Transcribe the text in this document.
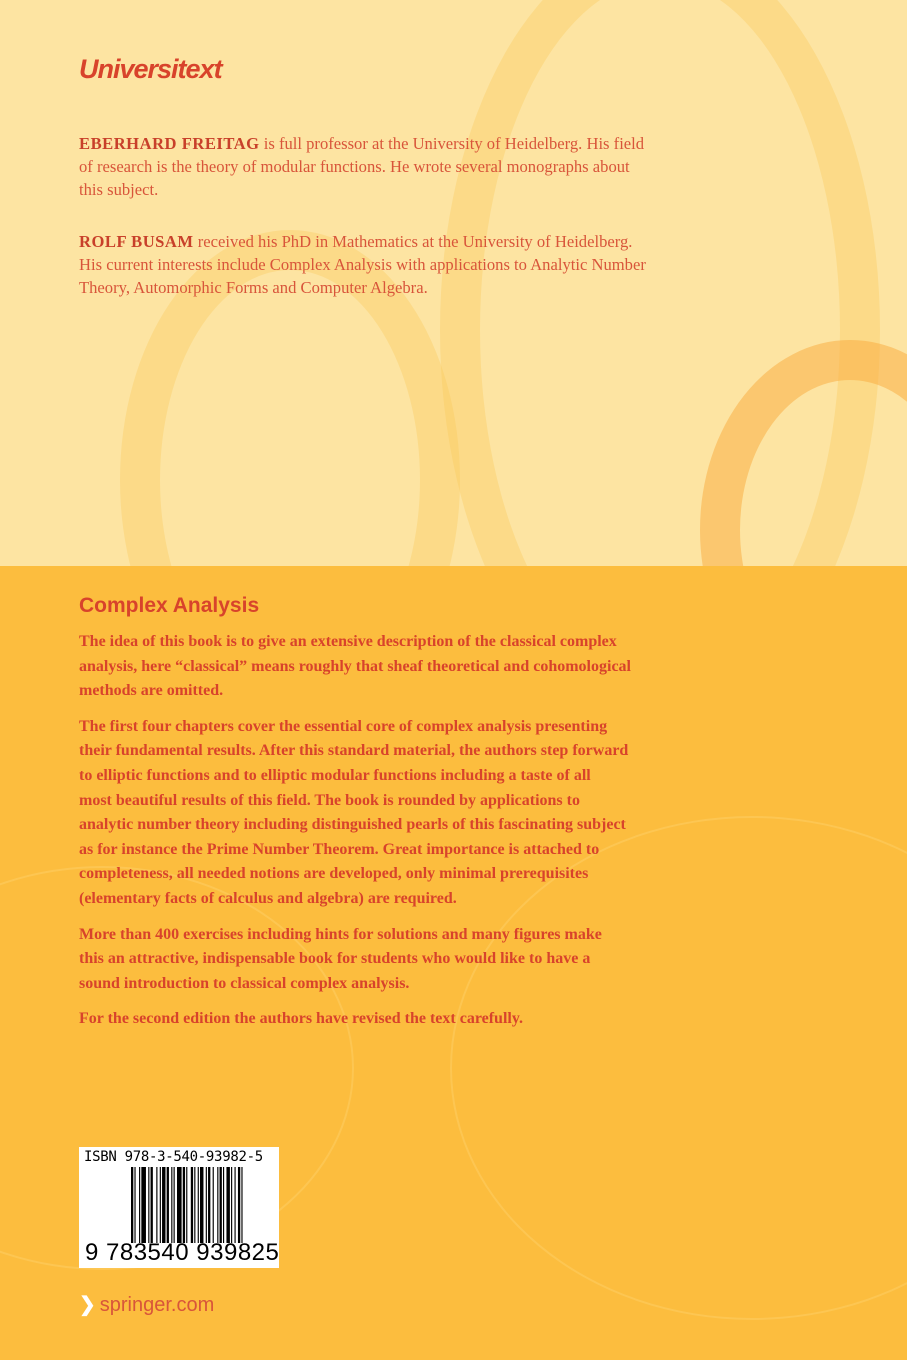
Universitext
EBERHARD FREITAG is full professor at the University of Heidelberg. His field
of research is the theory of modular functions. He wrote several monographs about
this subject.
ROLF BUSAM received his PhD in Mathematics at the University of Heidelberg.
His current interests include Complex Analysis with applications to Analytic Number
Theory, Automorphic Forms and Computer Algebra.
Complex Analysis

The idea of this book is to give an extensive description of the classical complex
analysis, here “classical” means roughly that sheaf theoretical and cohomological
methods are omitted.

The first four chapters cover the essential core of complex analysis presenting
their fundamental results. After this standard material, the authors step forward
to elliptic functions and to elliptic modular functions including a taste of all
most beautiful results of this field. The book is rounded by applications to
analytic number theory including distinguished pearls of this fascinating subject
as for instance the Prime Number Theorem. Great importance is attached to
completeness, all needed notions are developed, only minimal prerequisites
(elementary facts of calculus and algebra) are required.

More than 400 exercises including hints for solutions and many figures make
this an attractive, indispensable book for students who would like to have a
sound introduction to classical complex analysis.

For the second edition the authors have revised the text carefully.

ISBN 978-3-540-93982-5
9 783540 939825
❯ springer.com
